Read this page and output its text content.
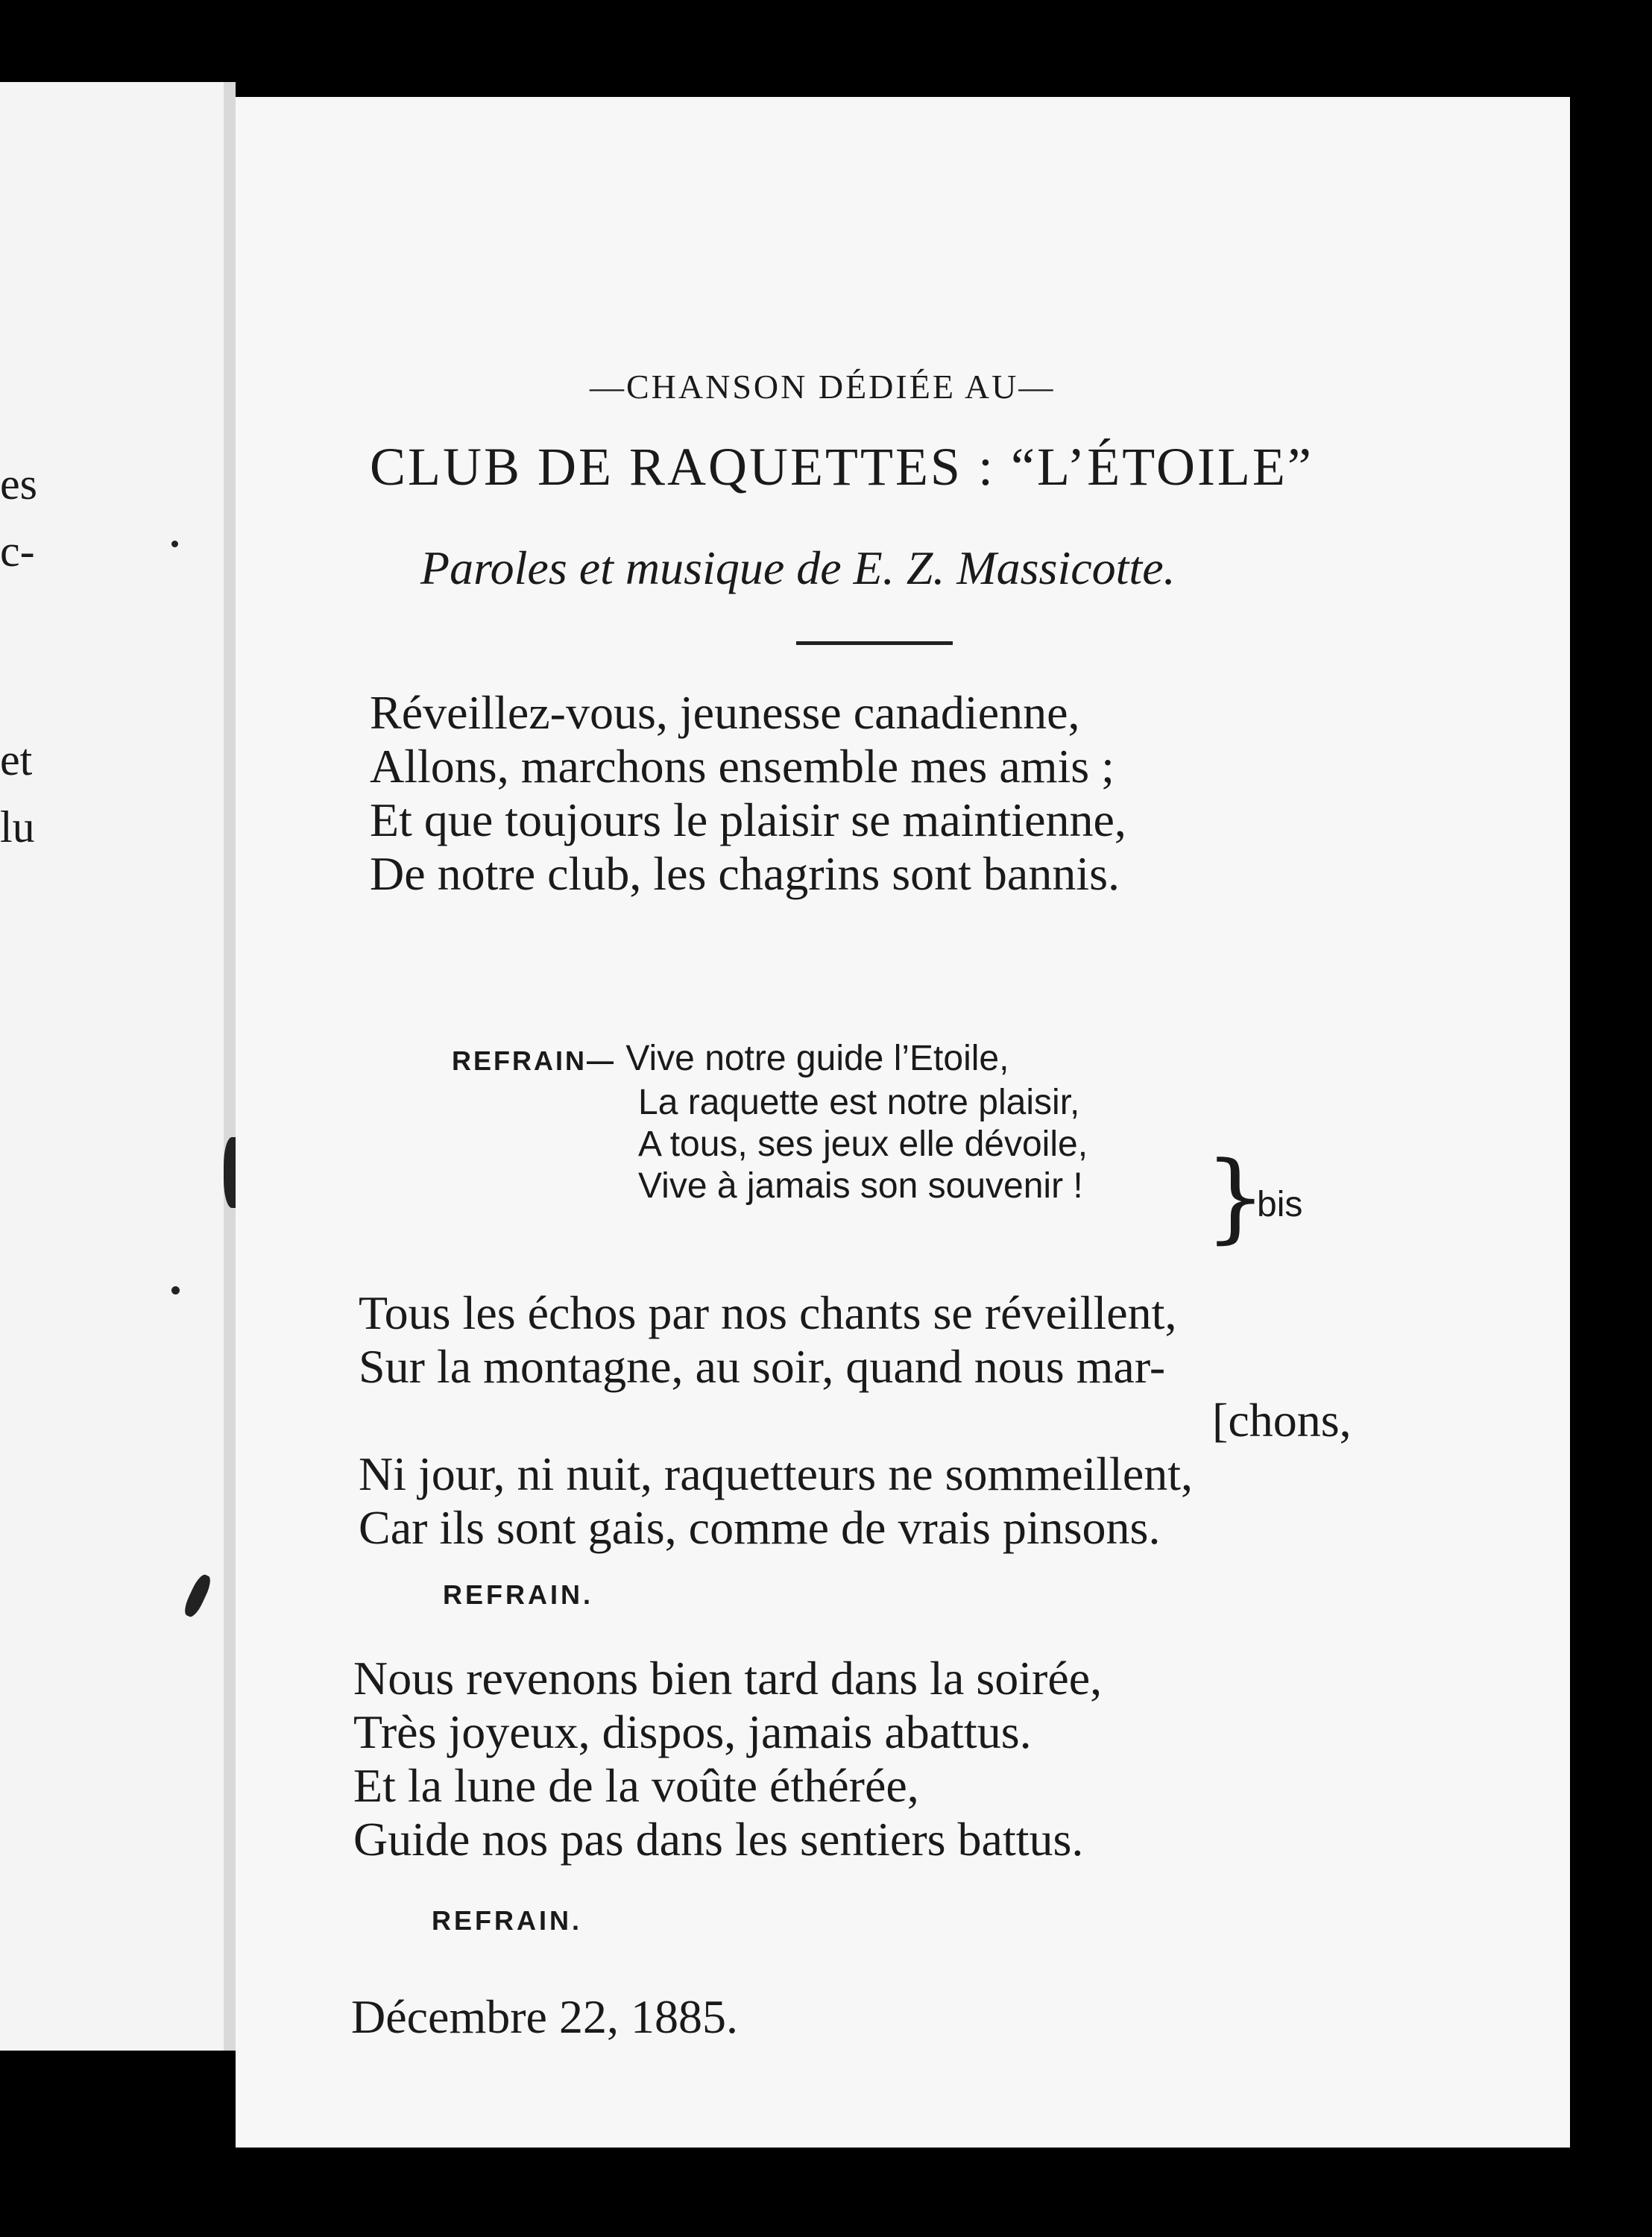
es
c-
et
lu
—CHANSON DÉDIÉE AU—
CLUB DE RAQUETTES : “L’ÉTOILE”
Paroles et musique de E. Z. Massicotte.
Réveillez-vous, jeunesse canadienne,
Allons, marchons ensemble mes amis ;
Et que toujours le plaisir se maintienne,
De notre club, les chagrins sont bannis.
REFRAIN— Vive notre guide l’Etoile,
La raquette est notre plaisir,
A tous, ses jeux elle dévoile,
Vive à jamais son souvenir ! }
bis
Tous les échos par nos chants se réveillent,
Sur la montagne, au soir, quand nous mar-
[chons,
Ni jour, ni nuit, raquetteurs ne sommeillent,
Car ils sont gais, comme de vrais pinsons.
REFRAIN.
Nous revenons bien tard dans la soirée,
Très joyeux, dispos, jamais abattus.
Et la lune de la voûte éthérée,
Guide nos pas dans les sentiers battus.
REFRAIN.
Décembre 22, 1885.
